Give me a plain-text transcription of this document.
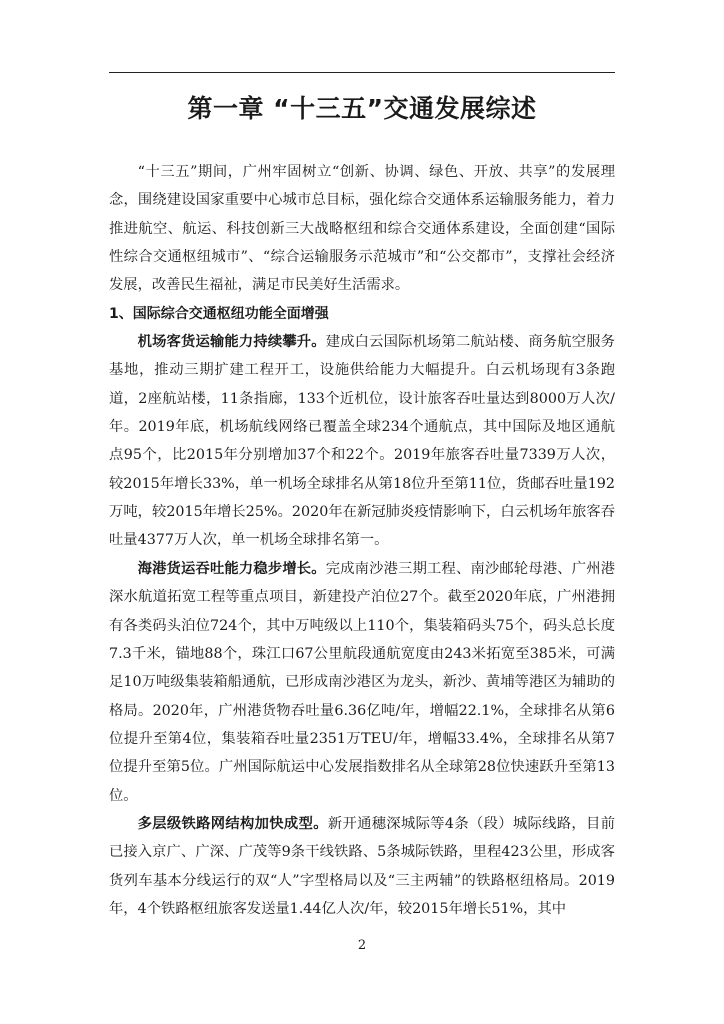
第一章 “十三五”交通发展综述

“十三五”期间，广州牢固树立“创新、协调、绿色、开放、共享”的发展理念，围绕建设国家重要中心城市总目标，强化综合交通体系运输服务能力，着力推进航空、航运、科技创新三大战略枢纽和综合交通体系建设，全面创建“国际性综合交通枢纽城市”、“综合运输服务示范城市”和“公交都市”，支撑社会经济发展，改善民生福祉，满足市民美好生活需求。

1、国际综合交通枢纽功能全面增强

机场客货运输能力持续攀升。建成白云国际机场第二航站楼、商务航空服务基地，推动三期扩建工程开工，设施供给能力大幅提升。白云机场现有3条跑道，2座航站楼，11条指廊，133个近机位，设计旅客吞吐量达到8000万人次/年。2019年底，机场航线网络已覆盖全球234个通航点，其中国际及地区通航点95个，比2015年分别增加37个和22个。2019年旅客吞吐量7339万人次，较2015年增长33%，单一机场全球排名从第18位升至第11位，货邮吞吐量192万吨，较2015年增长25%。2020年在新冠肺炎疫情影响下，白云机场年旅客吞吐量4377万人次，单一机场全球排名第一。

海港货运吞吐能力稳步增长。完成南沙港三期工程、南沙邮轮母港、广州港深水航道拓宽工程等重点项目，新建投产泊位27个。截至2020年底，广州港拥有各类码头泊位724个，其中万吨级以上110个，集装箱码头75个，码头总长度7.3千米，锚地88个，珠江口67公里航段通航宽度由243米拓宽至385米，可满足10万吨级集装箱船通航，已形成南沙港区为龙头，新沙、黄埔等港区为辅助的格局。2020年，广州港货物吞吐量6.36亿吨/年，增幅22.1%，全球排名从第6位提升至第4位，集装箱吞吐量2351万TEU/年，增幅33.4%，全球排名从第7位提升至第5位。广州国际航运中心发展指数排名从全球第28位快速跃升至第13位。

多层级铁路网结构加快成型。新开通穗深城际等4条（段）城际线路，目前已接入京广、广深、广茂等9条干线铁路、5条城际铁路，里程423公里，形成客货列车基本分线运行的双“人”字型格局以及“三主两辅”的铁路枢纽格局。2019年，4个铁路枢纽旅客发送量1.44亿人次/年，较2015年增长51%，其中

2
